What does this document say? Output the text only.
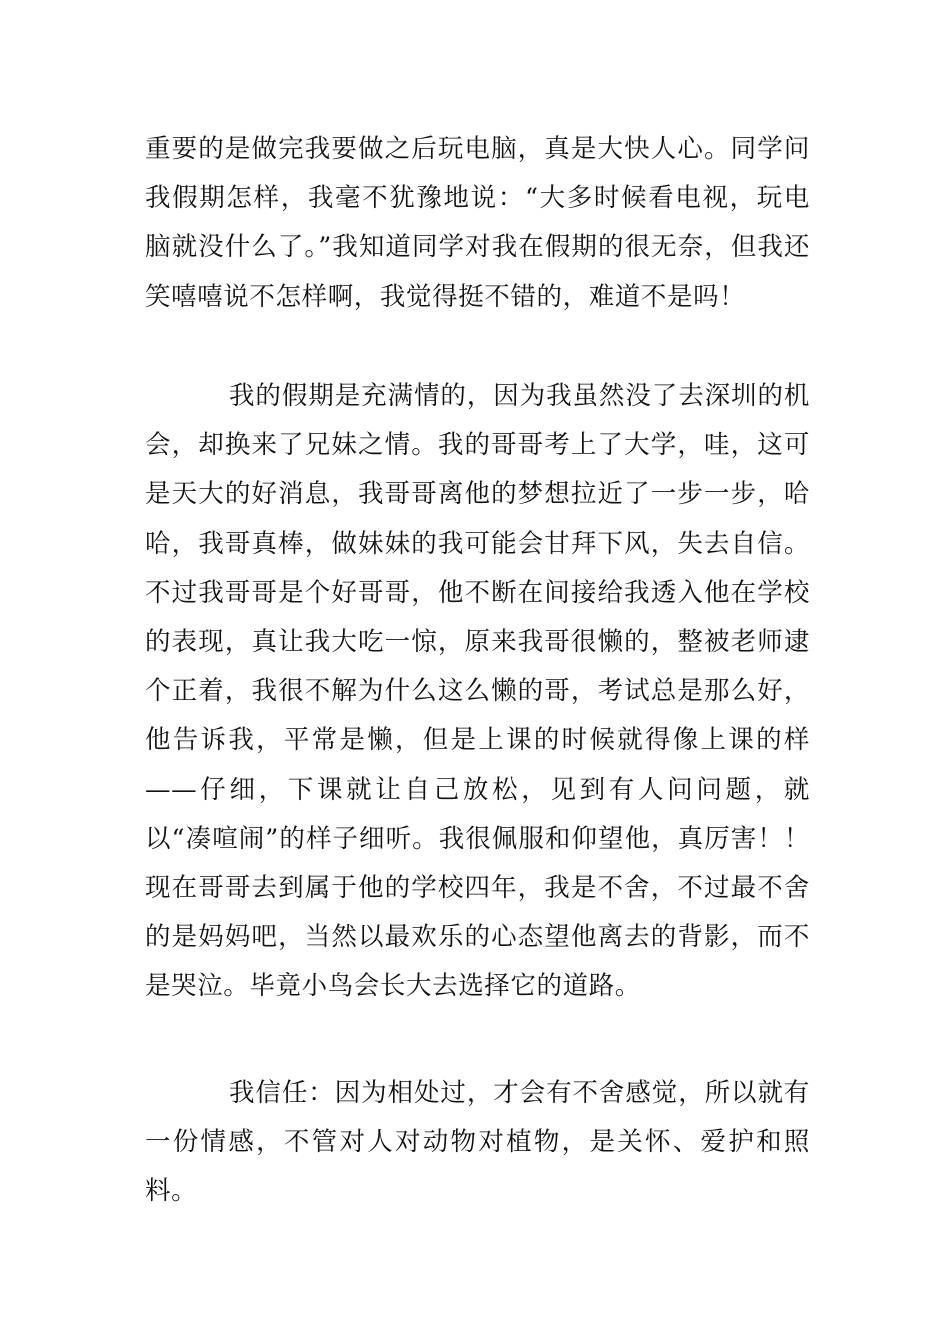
重要的是做完我要做之后玩电脑，真是大快人心。同学问我假期怎样，我毫不犹豫地说：“大多时候看电视，玩电脑就没什么了。”我知道同学对我在假期的很无奈，但我还笑嘻嘻说不怎样啊，我觉得挺不错的，难道不是吗！

我的假期是充满情的，因为我虽然没了去深圳的机会，却换来了兄妹之情。我的哥哥考上了大学，哇，这可是天大的好消息，我哥哥离他的梦想拉近了一步一步，哈哈，我哥真棒，做妹妹的我可能会甘拜下风，失去自信。不过我哥哥是个好哥哥，他不断在间接给我透入他在学校的表现，真让我大吃一惊，原来我哥很懒的，整被老师逮个正着，我很不解为什么这么懒的哥，考试总是那么好，他告诉我，平常是懒，但是上课的时候就得像上课的样——仔细，下课就让自己放松，见到有人问问题，就以“凑喧闹”的样子细听。我很佩服和仰望他，真厉害！！现在哥哥去到属于他的学校四年，我是不舍，不过最不舍的是妈妈吧，当然以最欢乐的心态望他离去的背影，而不是哭泣。毕竟小鸟会长大去选择它的道路。

我信任：因为相处过，才会有不舍感觉，所以就有一份情感，不管对人对动物对植物，是关怀、爱护和照料。
